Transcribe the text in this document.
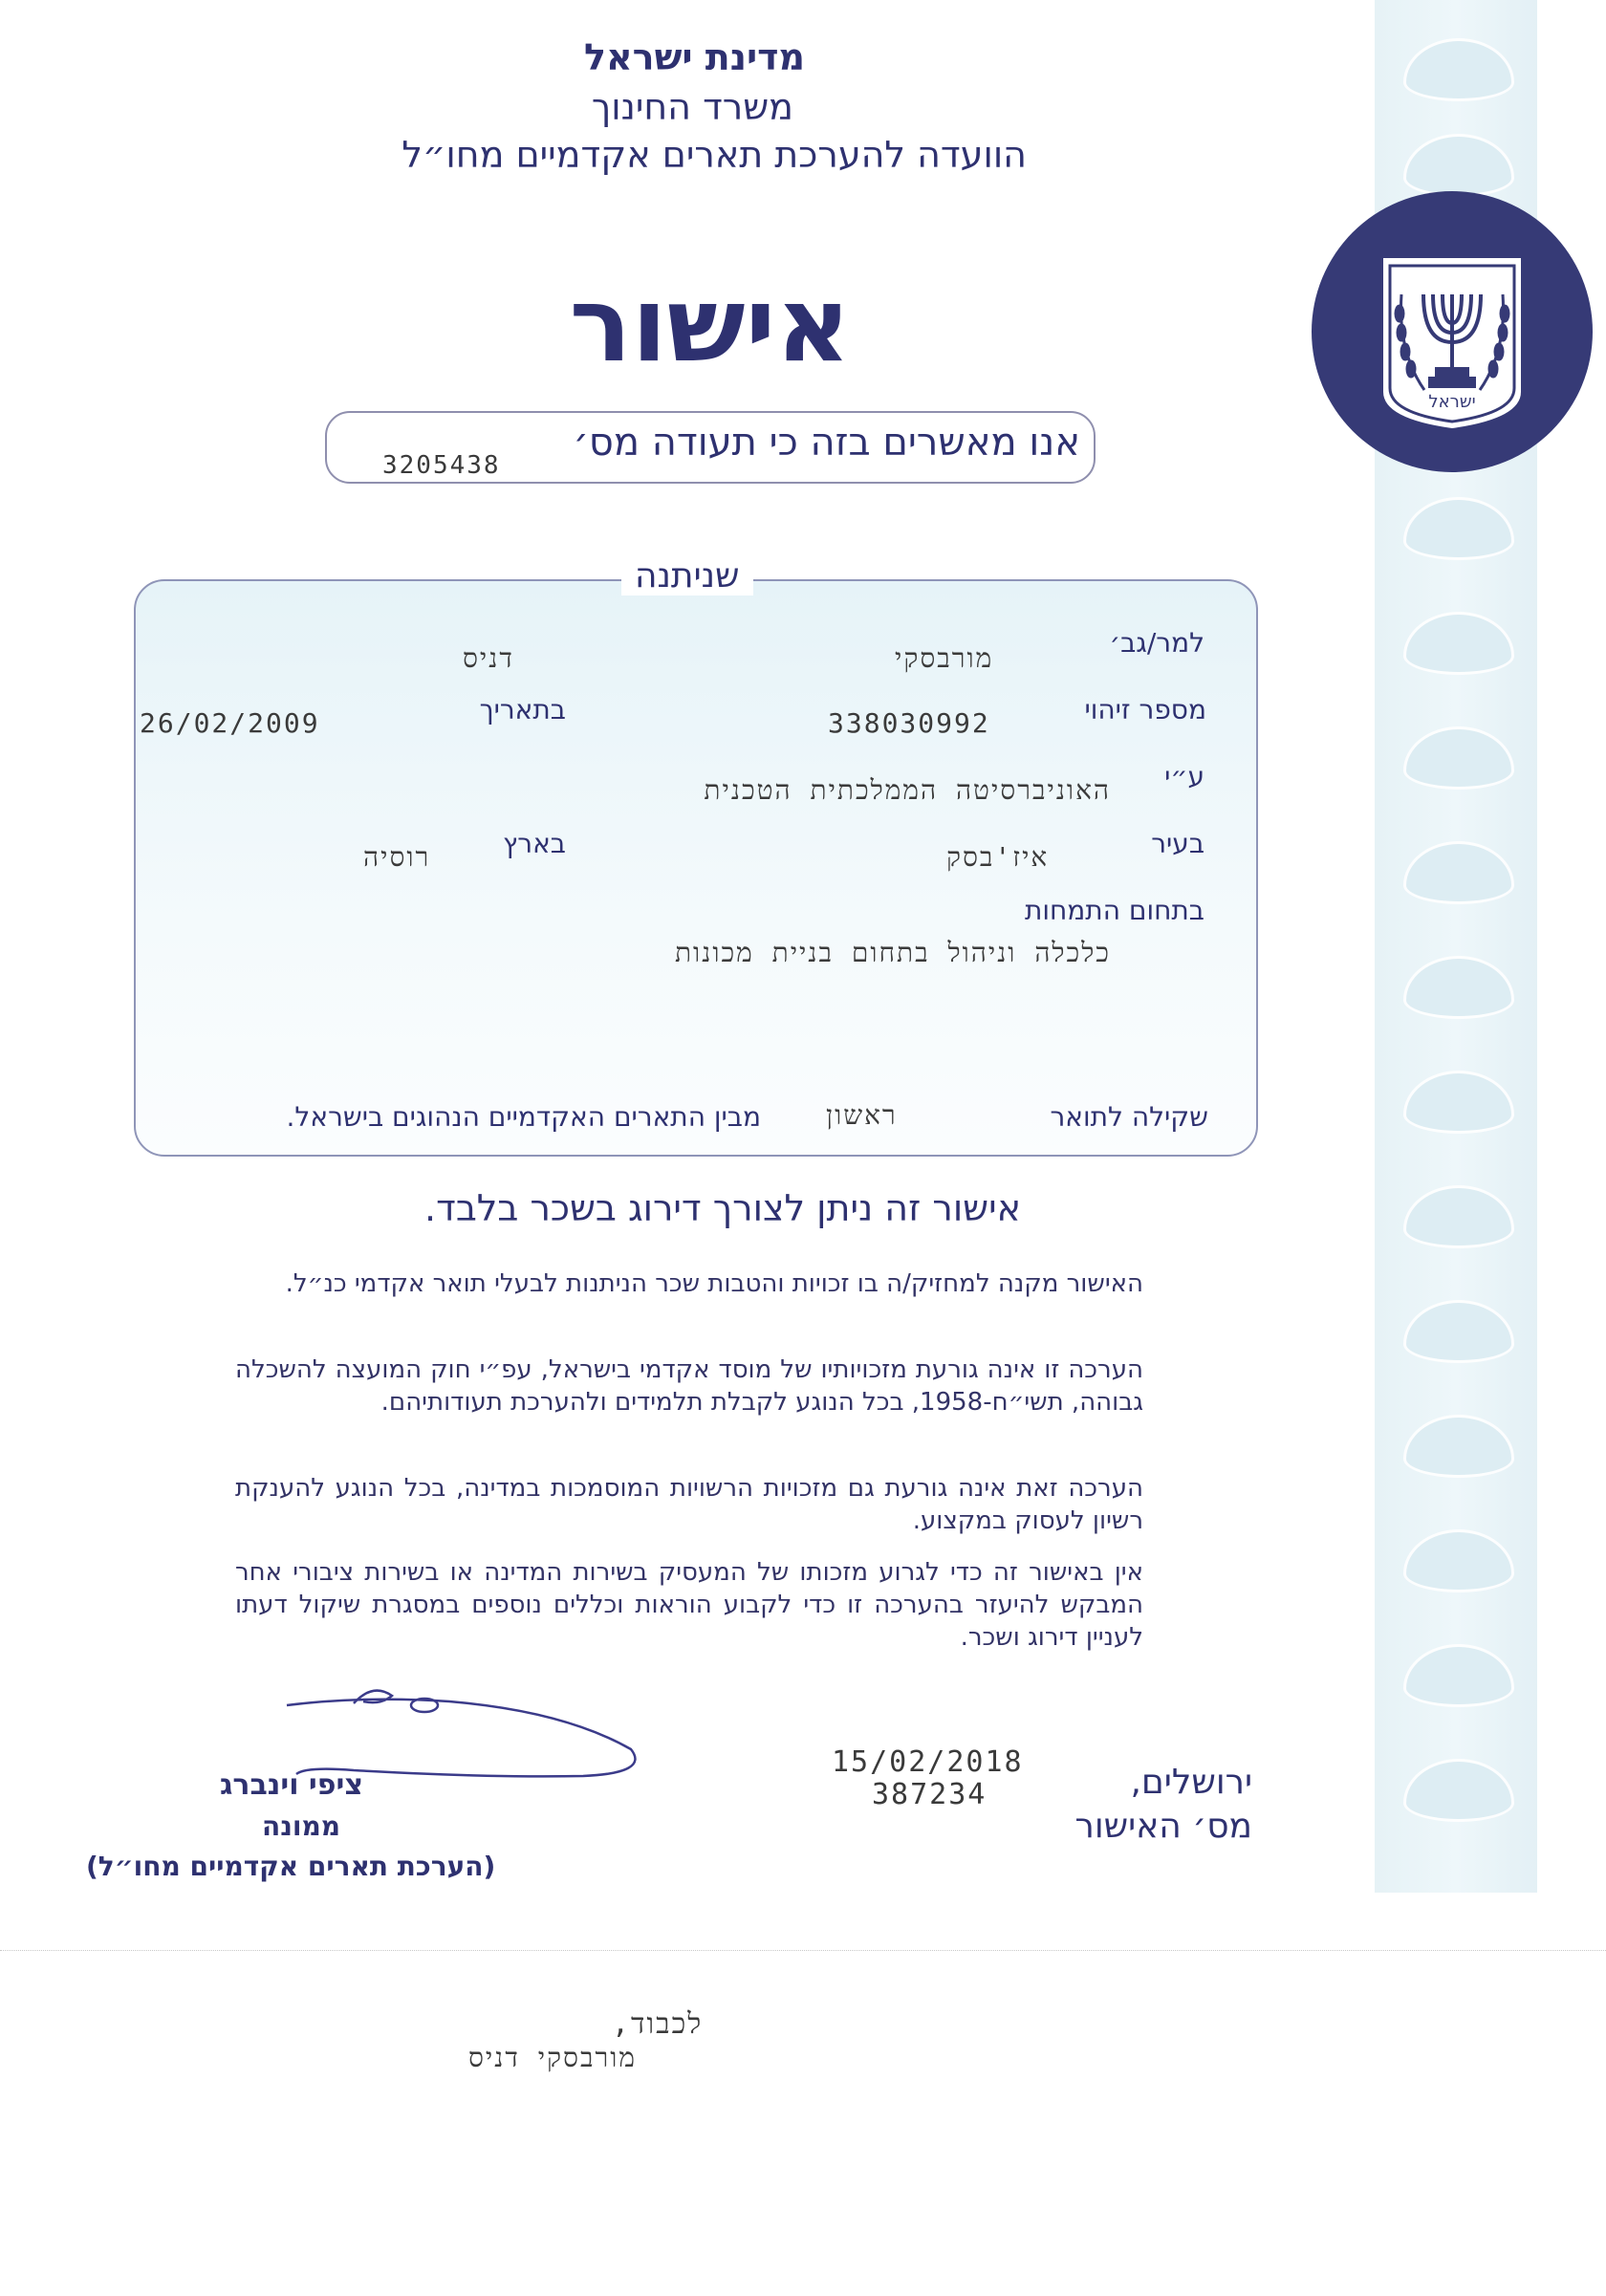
ישראל
מדינת ישראל
משרד החינוך
הוועדה להערכת תארים אקדמיים מחו״ל
אישור
אנו מאשרים בזה כי תעודה מס׳
3205438
שניתנה
למר/גב׳
מורבסקי
דניס
מספר זיהוי
338030992
בתאריך
26/02/2009
ע״י
האוניברסיטה הממלכתית הטכנית
בעיר
איז'בסק
בארץ
רוסיה
בתחום התמחות
כלכלה וניהול בתחום בניית מכונות
שקילה לתואר
ראשון
מבין התארים האקדמיים הנהוגים בישראל.
אישור זה ניתן לצורך דירוג בשכר בלבד.
האישור מקנה למחזיק/ה בו זכויות והטבות שכר הניתנות לבעלי תואר אקדמי כנ״ל.
הערכה זו אינה גורעת מזכויותיו של מוסד אקדמי בישראל, עפ״י חוק המועצה להשכלה גבוהה, תשי״ח-1958, בכל הנוגע לקבלת תלמידים ולהערכת תעודותיהם.
הערכה זאת אינה גורעת גם מזכויות הרשויות המוסמכות במדינה, בכל הנוגע להענקת רשיון לעסוק במקצוע.
אין באישור זה כדי לגרוע מזכותו של המעסיק בשירות המדינה או בשירות ציבורי אחר המבקש להיעזר בהערכה זו כדי לקבוע הוראות וכללים נוספים במסגרת שיקול דעתו לעניין דירוג ושכר.
ציפי וינברג
ממונה
(הערכת תארים אקדמיים מחו״ל)
15/02/2018
387234	ירושלים,
מס׳ האישור
לכבוד,
מורבסקי דניס
